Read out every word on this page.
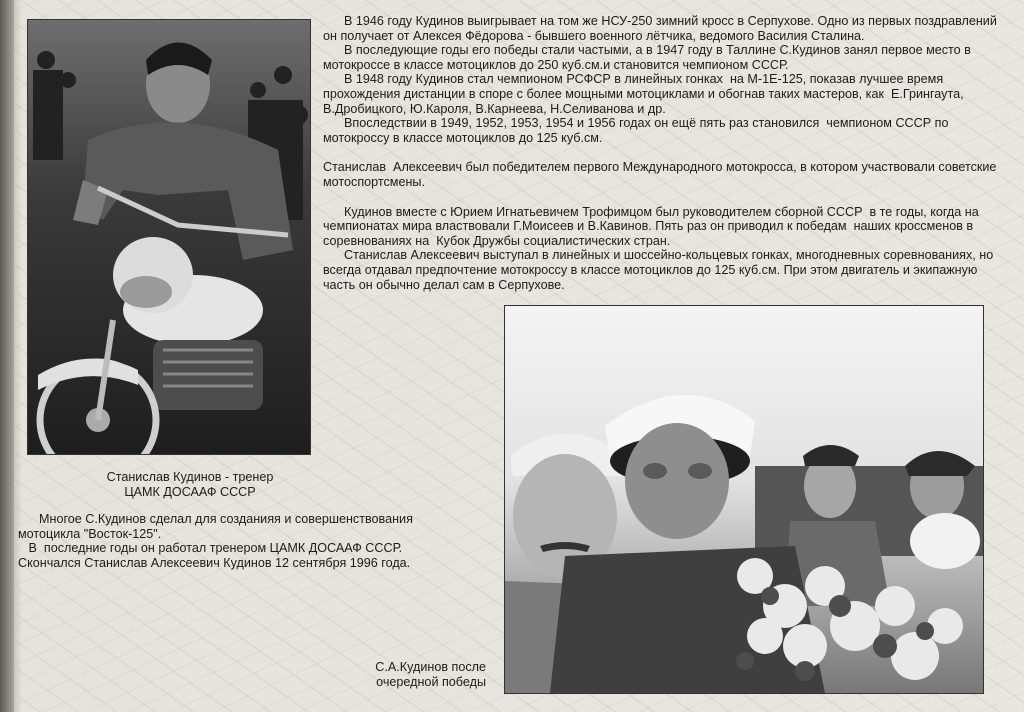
В 1946 году Кудинов выигрывает на том же НСУ-250 зимний кросс в Серпухове. Одно из первых поздравлений он получает от Алексея Фёдорова - бывшего военного лётчика, ведомого Василия Сталина.

В последующие годы его победы стали частыми, а в 1947 году в Таллине С.Кудинов занял первое место в мотокроссе в классе мотоциклов до 250 куб.см.и становится чемпионом СССР.

В 1948 году Кудинов стал чемпионом РСФСР в линейных гонках  на М-1Е-125, показав лучшее время прохождения дистанции в споре с более мощными мотоциклами и обогнав таких мастеров, как  Е.Грингаута, В.Дробицкого, Ю.Кароля, В.Карнеева, Н.Селиванова и др.

Впоследствии в 1949, 1952, 1953, 1954 и 1956 годах он ещё пять раз становился  чемпионом СССР по мотокроссу в классе мотоциклов до 125 куб.см.

Станислав  Алексеевич был победителем первого Международного мотокросса, в котором участвовали советские  мотоспортсмены.

Кудинов вместе с Юрием Игнатьевичем Трофимцом был руководителем сборной СССР  в те годы, когда на чемпионатах мира властвовали Г.Моисеев и В.Кавинов. Пять раз он приводил к победам  наших кроссменов в соревнованиях на  Кубок Дружбы социалистических стран.

Станислав Алексеевич выступал в линейных и шоссейно-кольцевых гонках, многодневных соревнованиях, но всегда отдавал предпочтение мотокроссу в классе мотоциклов до 125 куб.см. При этом двигатель и экипажную часть он обычно делал сам в Серпухове.

Станислав Кудинов - тренер
ЦАМК ДОСААФ СССР

Многое С.Кудинов сделал для созданияя и совершенствования

мотоцикла "Восток-125".

В  последние годы он работал тренером ЦАМК ДОСААФ СССР.

Скончался Станислав Алексеевич Кудинов 12 сентября 1996 года.

С.А.Кудинов после
очередной победы
